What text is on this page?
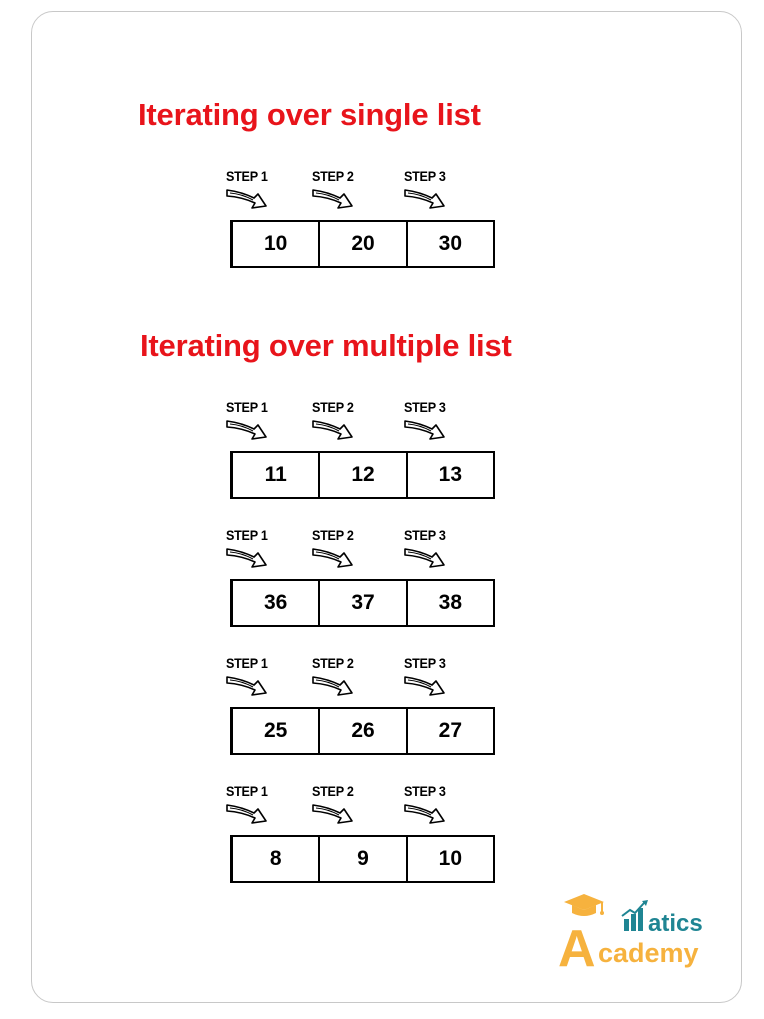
Iterating over single list
Iterating over multiple list
STEP 1	STEP 2	STEP 3
10	20	30
STEP 1	STEP 2	STEP 3
11	12	13
STEP 1	STEP 2	STEP 3
36	37	38
STEP 1	STEP 2	STEP 3
25	26	27
STEP 1	STEP 2	STEP 3
8	9	10
A atics
cademy
